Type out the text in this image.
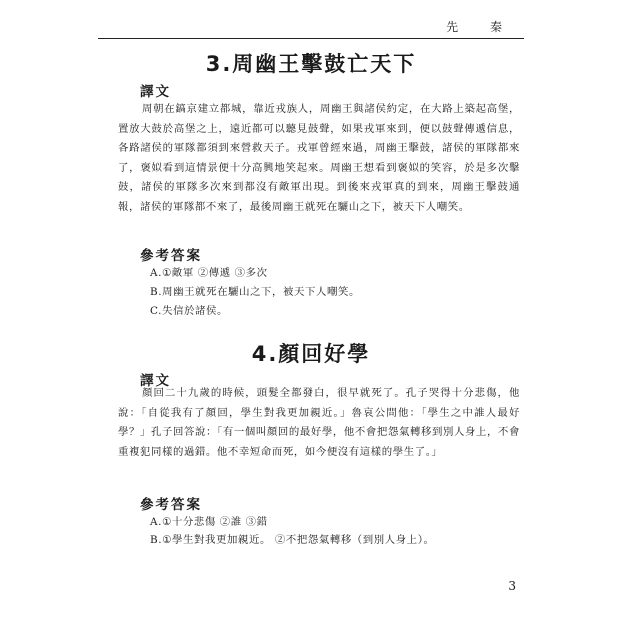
先 秦
3.周幽王擊鼓亡天下
譯文
周朝在鎬京建立都城，靠近戎族人，周幽王與諸侯約定，在大路上築起高堡，置放大鼓於高堡之上，遠近都可以聽見鼓聲，如果戎軍來到，便以鼓聲傳遞信息，各路諸侯的軍隊都須到來營救天子。戎軍曾經來過，周幽王擊鼓，諸侯的軍隊都來了，褒姒看到這情景便十分高興地笑起來。周幽王想看到褒姒的笑容，於是多次擊鼓，諸侯的軍隊多次來到都沒有敵軍出現。到後來戎軍真的到來，周幽王擊鼓通報，諸侯的軍隊都不來了，最後周幽王就死在驪山之下，被天下人嘲笑。
參考答案
A.①敵軍 ②傳遞 ③多次
B.周幽王就死在驪山之下，被天下人嘲笑。
C.失信於諸侯。
4.顏回好學
譯文
顏回二十九歲的時候，頭髮全都發白，很早就死了。孔子哭得十分悲傷，他說：「自從我有了顏回，學生對我更加親近。」魯哀公問他：「學生之中誰人最好學？」孔子回答說：「有一個叫顏回的最好學，他不會把怨氣轉移到別人身上，不會重複犯同樣的過錯。他不幸短命而死，如今便沒有這樣的學生了。」
參考答案
A.①十分悲傷 ②誰 ③錯
B.①學生對我更加親近。 ②不把怨氣轉移（到別人身上）。
3
